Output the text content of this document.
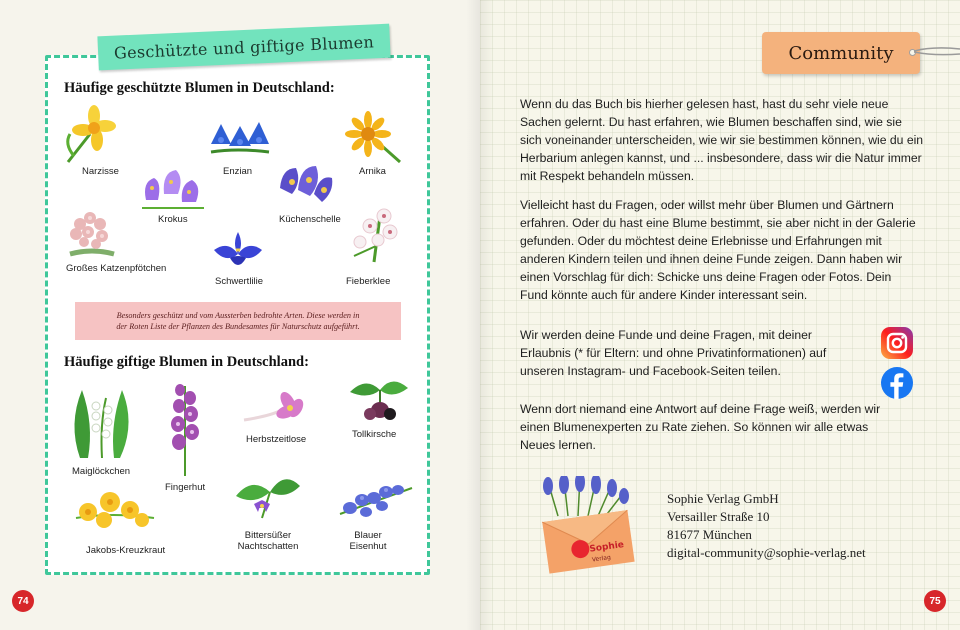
Geschützte und giftige Blumen
Häufige geschützte Blumen in Deutschland:
Narzisse	Enzian	Arnika
Krokus	Küchenschelle
Großes Katzenpfötchen
Schwertlilie	Fieberklee
Besonders geschützt und vom Aussterben bedrohte Arten. Diese werden in
der Roten Liste der Pflanzen des Bundesamtes für Naturschutz aufgeführt.
Häufige giftige Blumen in Deutschland:
Maiglöckchen
Fingerhut
Herbstzeitlose	Tollkirsche
Jakobs-Kreuzkraut
Bittersüßer Nachtschatten
Blauer Eisenhut
74
Community
Wenn du das Buch bis hierher gelesen hast, hast du sehr viele neue Sachen gelernt. Du hast erfahren, wie Blumen beschaffen sind, wie sie sich voneinander unterscheiden, wie wir sie bestimmen können, wie du ein Herbarium anlegen kannst, und ... insbesondere, dass wir die Natur immer mit Respekt behandeln müssen.
Vielleicht hast du Fragen, oder willst mehr über Blumen und Gärtnern erfahren. Oder du hast eine Blume bestimmt, sie aber nicht in der Galerie gefunden. Oder du möchtest deine Erlebnisse und Erfahrungen mit anderen Kindern teilen und ihnen deine Funde zeigen. Dann haben wir einen Vorschlag für dich: Schicke uns deine Fragen oder Fotos. Dein Fund könnte auch für andere Kinder interessant sein.
Wir werden deine Funde und deine Fragen, mit deiner Erlaubnis (* für Eltern: und ohne Privatinformationen) auf unseren Instagram- und Facebook-Seiten teilen.
Wenn dort niemand eine Antwort auf deine Frage weiß, werden wir einen Blumenexperten zu Rate ziehen. So können wir alle etwas Neues lernen.
Sophie
Verlag
Sophie Verlag GmbH
Versailler Straße 10
81677 München
digital-community@sophie-verlag.net
75
